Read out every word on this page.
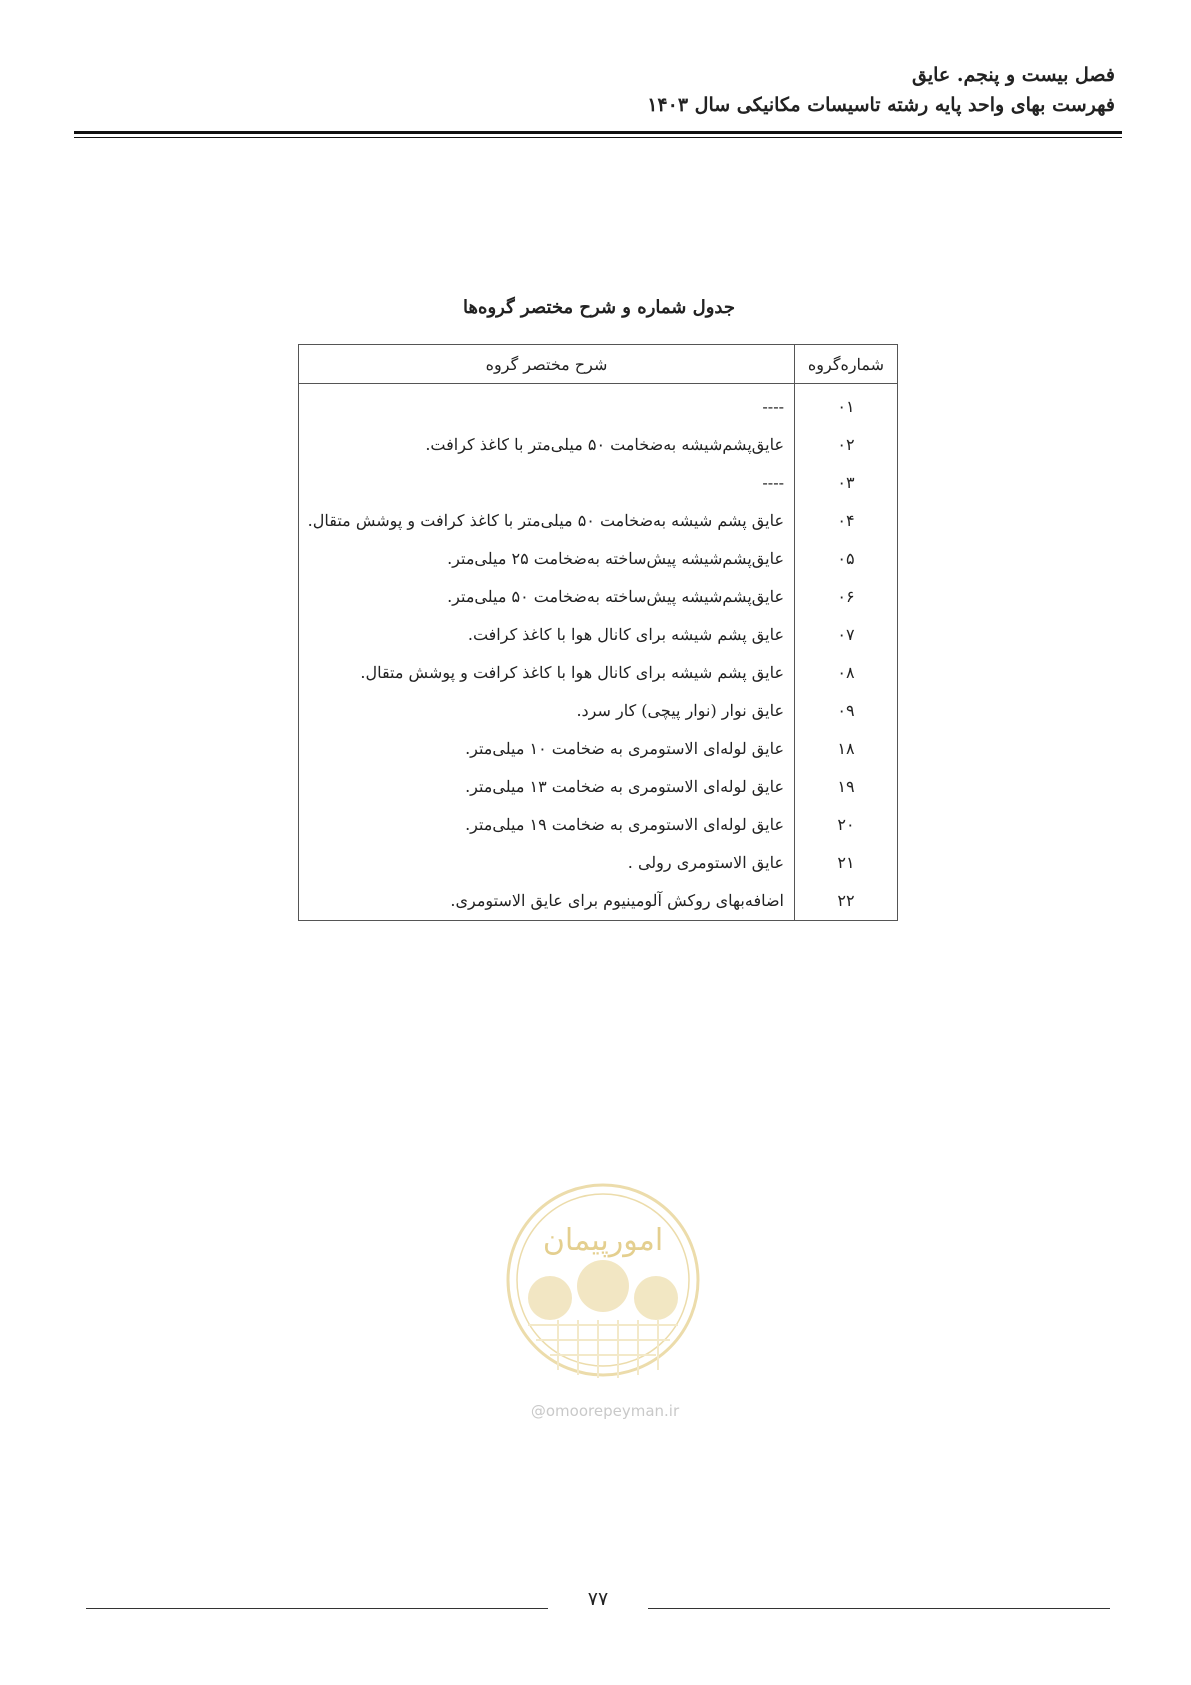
فصل بیست و پنجم. عایق
فهرست بهای واحد پایه رشته تاسیسات مکانیکی سال ۱۴۰۳
جدول شماره و شرح مختصر گروه‌ها
شماره‌گروه	شرح مختصر گروه
۰۱	----
۰۲	عایق‌پشم‌شیشه به‌ضخامت ۵۰ میلی‌متر با کاغذ کرافت.
۰۳	----
۰۴	عایق پشم شیشه به‌ضخامت ۵۰ میلی‌متر با کاغذ کرافت و پوشش متقال.
۰۵	عایق‌پشم‌شیشه پیش‌ساخته به‌ضخامت ۲۵ میلی‌متر.
۰۶	عایق‌پشم‌شیشه پیش‌ساخته به‌ضخامت ۵۰ میلی‌متر.
۰۷	عایق پشم شیشه برای کانال هوا با کاغذ کرافت.
۰۸	عایق پشم شیشه برای کانال هوا با کاغذ کرافت و پوشش متقال.
۰۹	عایق نوار (نوار پیچی) کار سرد.
۱۸	عایق لوله‌ای الاستومری به ضخامت ۱۰ میلی‌متر.
۱۹	عایق لوله‌ای الاستومری به ضخامت ۱۳ میلی‌متر.
۲۰	عایق لوله‌ای الاستومری به ضخامت ۱۹ میلی‌متر.
۲۱	عایق الاستومری رولی .
۲۲	اضافه‌بهای روکش آلومینیوم برای عایق الاستومری.
امورپیمان
@omoorepeyman.ir
۷۷
